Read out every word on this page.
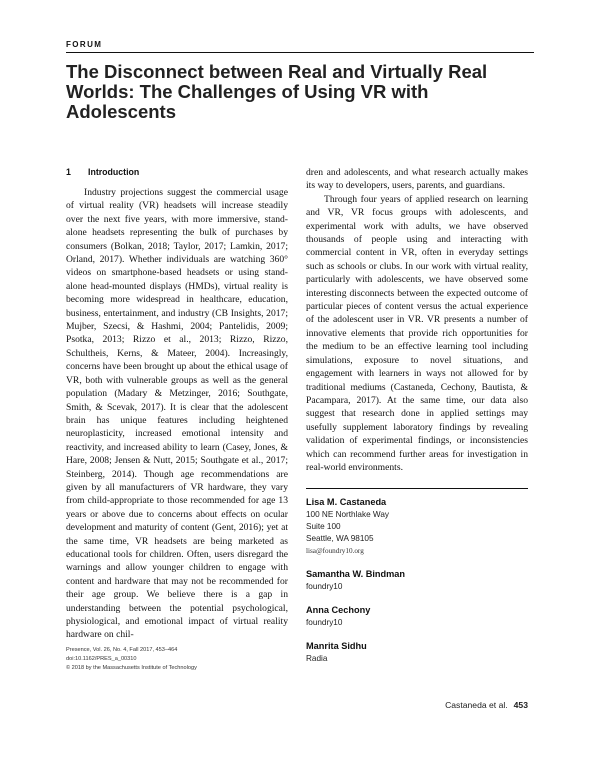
FORUM
The Disconnect between Real and Virtually Real Worlds: The Challenges of Using VR with Adolescents
1 Introduction

Industry projections suggest the commercial usage of virtual reality (VR) headsets will increase steadily over the next five years, with more immersive, stand-alone headsets representing the bulk of purchases by consumers (Bolkan, 2018; Taylor, 2017; Lamkin, 2017; Orland, 2017). Whether individuals are watching 360° videos on smartphone-based headsets or using stand-alone head-mounted displays (HMDs), virtual reality is becoming more widespread in healthcare, education, business, entertainment, and industry (CB Insights, 2017; Mujber, Szecsi, & Hashmi, 2004; Pantelidis, 2009; Psotka, 2013; Rizzo et al., 2013; Rizzo, Rizzo, Schultheis, Kerns, & Mateer, 2004). Increasingly, concerns have been brought up about the ethical usage of VR, both with vulnerable groups as well as the general population (Madary & Metzinger, 2016; Southgate, Smith, & Scevak, 2017). It is clear that the adolescent brain has unique features including heightened neuroplasticity, increased emotional intensity and reactivity, and increased ability to learn (Casey, Jones, & Hare, 2008; Jensen & Nutt, 2015; Southgate et al., 2017; Steinberg, 2014). Though age recommendations are given by all manufacturers of VR hardware, they vary from child-appropriate to those recommended for age 13 years or above due to concerns about effects on ocular development and maturity of content (Gent, 2016); yet at the same time, VR headsets are being marketed as educational tools for children. Often, users disregard the warnings and allow younger children to engage with content and hardware that may not be recommended for their age group. We believe there is a gap in understanding between the potential psychological, physiological, and emotional impact of virtual reality hardware on chil-

dren and adolescents, and what research actually makes its way to developers, users, parents, and guardians.

Through four years of applied research on learning and VR, VR focus groups with adolescents, and experimental work with adults, we have observed thousands of people using and interacting with commercial content in VR, often in everyday settings such as schools or clubs. In our work with virtual reality, particularly with adolescents, we have observed some interesting disconnects between the expected outcome of particular pieces of content versus the actual experience of the adolescent user in VR. VR presents a number of innovative elements that provide rich opportunities for the medium to be an effective learning tool including simulations, exposure to novel situations, and engagement with learners in ways not allowed for by traditional mediums (Castaneda, Cechony, Bautista, & Pacampara, 2017). At the same time, our data also suggest that research done in applied settings may usefully supplement laboratory findings by revealing validation of experimental findings, or inconsistencies which can recommend further areas for investigation in real-world environments.

Lisa M. Castaneda
100 NE Northlake Way
Suite 100
Seattle, WA 98105
lisa@foundry10.org
Samantha W. Bindman
foundry10
Anna Cechony
foundry10
Manrita Sidhu
Radia
Presence, Vol. 26, No. 4, Fall 2017, 453–464
doi:10.1162/PRES_a_00310
© 2018 by the Massachusetts Institute of Technology
Castaneda et al. 453
